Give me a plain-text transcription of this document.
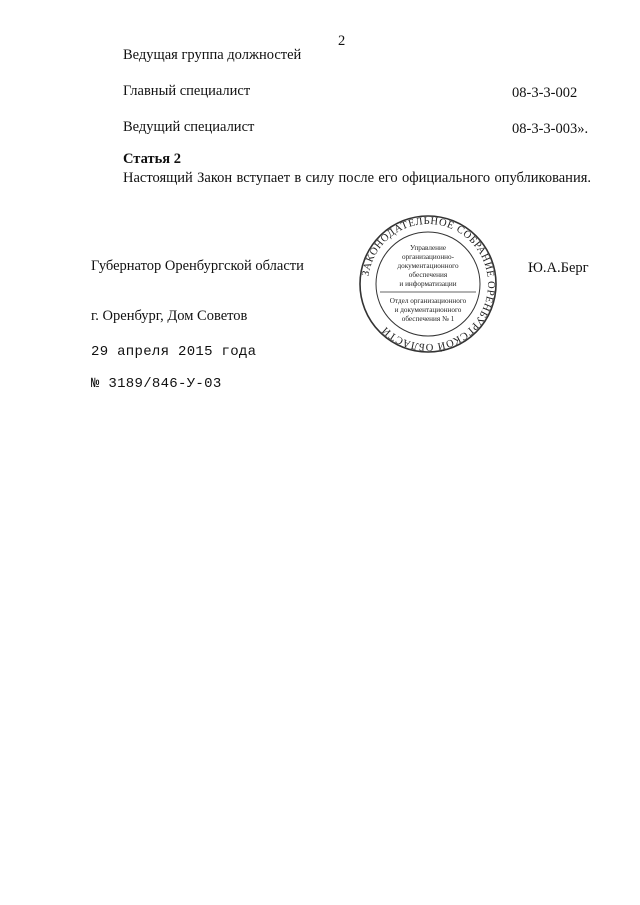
2
Ведущая группа должностей
Главный специалист	08-3-3-002
Ведущий специалист	08-3-3-003».
Статья 2
Настоящий Закон вступает в силу после его официального опубликования.
Губернатор Оренбургской области	Ю.А.Берг
г. Оренбург, Дом Советов
29 апреля 2015 года
№ 3189/846-У-03
ЗАКОНОДАТЕЛЬНОЕ СОБРАНИЕ ОРЕНБУРГСКОЙ ОБЛАСТИ
Управление
организационно-
документационного
обеспечения
и информатизации
Отдел организационного
и документационного
обеспечения № 1
